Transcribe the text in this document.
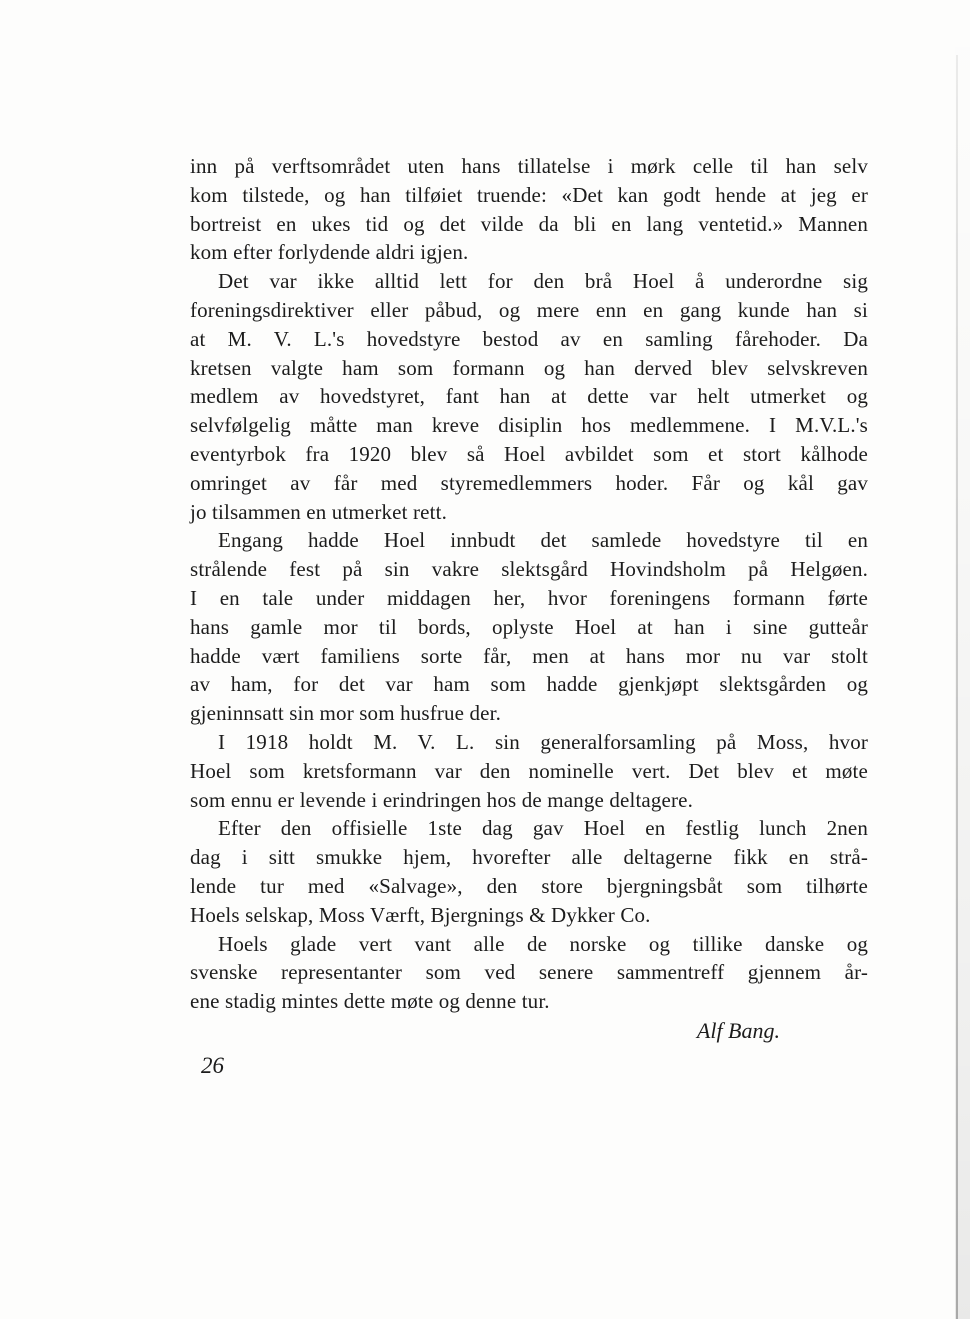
inn på verftsområdet uten hans tillatelse i mørk celle til han selv
kom tilstede, og han tilføiet truende: «Det kan godt hende at jeg er
bortreist en ukes tid og det vilde da bli en lang ventetid.» Mannen
kom efter forlydende aldri igjen.
Det var ikke alltid lett for den brå Hoel å underordne sig
foreningsdirektiver eller påbud, og mere enn en gang kunde han si
at M. V. L.'s hovedstyre bestod av en samling fårehoder. Da
kretsen valgte ham som formann og han derved blev selvskreven
medlem av hovedstyret, fant han at dette var helt utmerket og
selvfølgelig måtte man kreve disiplin hos medlemmene. I M.V.L.'s
eventyrbok fra 1920 blev så Hoel avbildet som et stort kålhode
omringet av får med styremedlemmers hoder. Får og kål gav
jo tilsammen en utmerket rett.
Engang hadde Hoel innbudt det samlede hovedstyre til en
strålende fest på sin vakre slektsgård Hovindsholm på Helgøen.
I en tale under middagen her, hvor foreningens formann førte
hans gamle mor til bords, oplyste Hoel at han i sine gutteår
hadde vært familiens sorte får, men at hans mor nu var stolt
av ham, for det var ham som hadde gjenkjøpt slektsgården og
gjeninnsatt sin mor som husfrue der.
I 1918 holdt M. V. L. sin generalforsamling på Moss, hvor
Hoel som kretsformann var den nominelle vert. Det blev et møte
som ennu er levende i erindringen hos de mange deltagere.
Efter den offisielle 1ste dag gav Hoel en festlig lunch 2nen
dag i sitt smukke hjem, hvorefter alle deltagerne fikk en strå-
lende tur med «Salvage», den store bjergningsbåt som tilhørte
Hoels selskap, Moss Værft, Bjergnings & Dykker Co.
Hoels glade vert vant alle de norske og tillike danske og
svenske representanter som ved senere sammentreff gjennem år-
ene stadig mintes dette møte og denne tur.
Alf Bang.
26
